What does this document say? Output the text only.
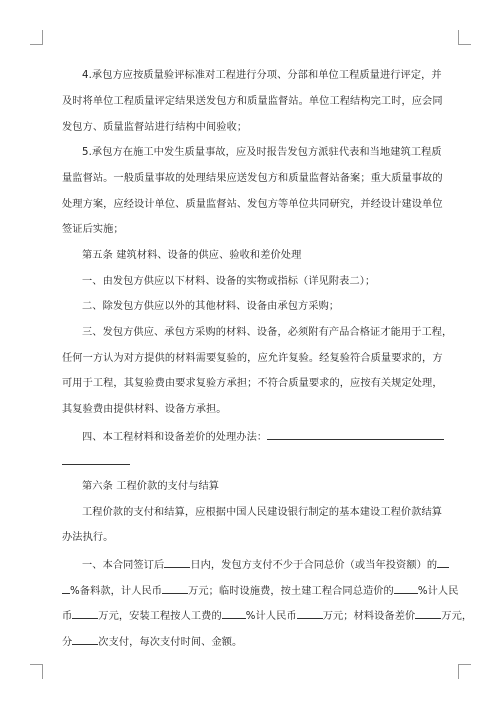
4.承包方应按质量验评标准对工程进行分项、分部和单位工程质量进行评定，并
及时将单位工程质量评定结果送发包方和质量监督站。单位工程结构完工时，应会同
发包方、质量监督站进行结构中间验收；
5.承包方在施工中发生质量事故，应及时报告发包方派驻代表和当地建筑工程质
量监督站。一般质量事故的处理结果应送发包方和质量监督站备案；重大质量事故的
处理方案，应经设计单位、质量监督站、发包方等单位共同研究，并经设计建设单位
签证后实施；
第五条 建筑材料、设备的供应、验收和差价处理
一、由发包方供应以下材料、设备的实物或指标（详见附表二）；
二、除发包方供应以外的其他材料、设备由承包方采购；
三、发包方供应、承包方采购的材料、设备，必须附有产品合格证才能用于工程，
任何一方认为对方提供的材料需要复验的，应允许复验。经复验符合质量要求的，方
可用于工程，其复验费由要求复验方承担；不符合质量要求的，应按有关规定处理，
其复验费由提供材料、设备方承担。
四、本工程材料和设备差价的处理办法：
第六条 工程价款的支付与结算
工程价款的支付和结算，应根据中国人民建设银行制定的基本建设工程价款结算
办法执行。
一、本合同签订后	日内，发包方支付不少于合同总价（或当年投资额）的
%备料款，计人民币	万元；临时设施费，按土建工程合同总造价的 %计人民
币	万元，安装工程按人工费的 %计人民币	万元；材料设备差价	万元，
分	次支付，每次支付时间、金额。
